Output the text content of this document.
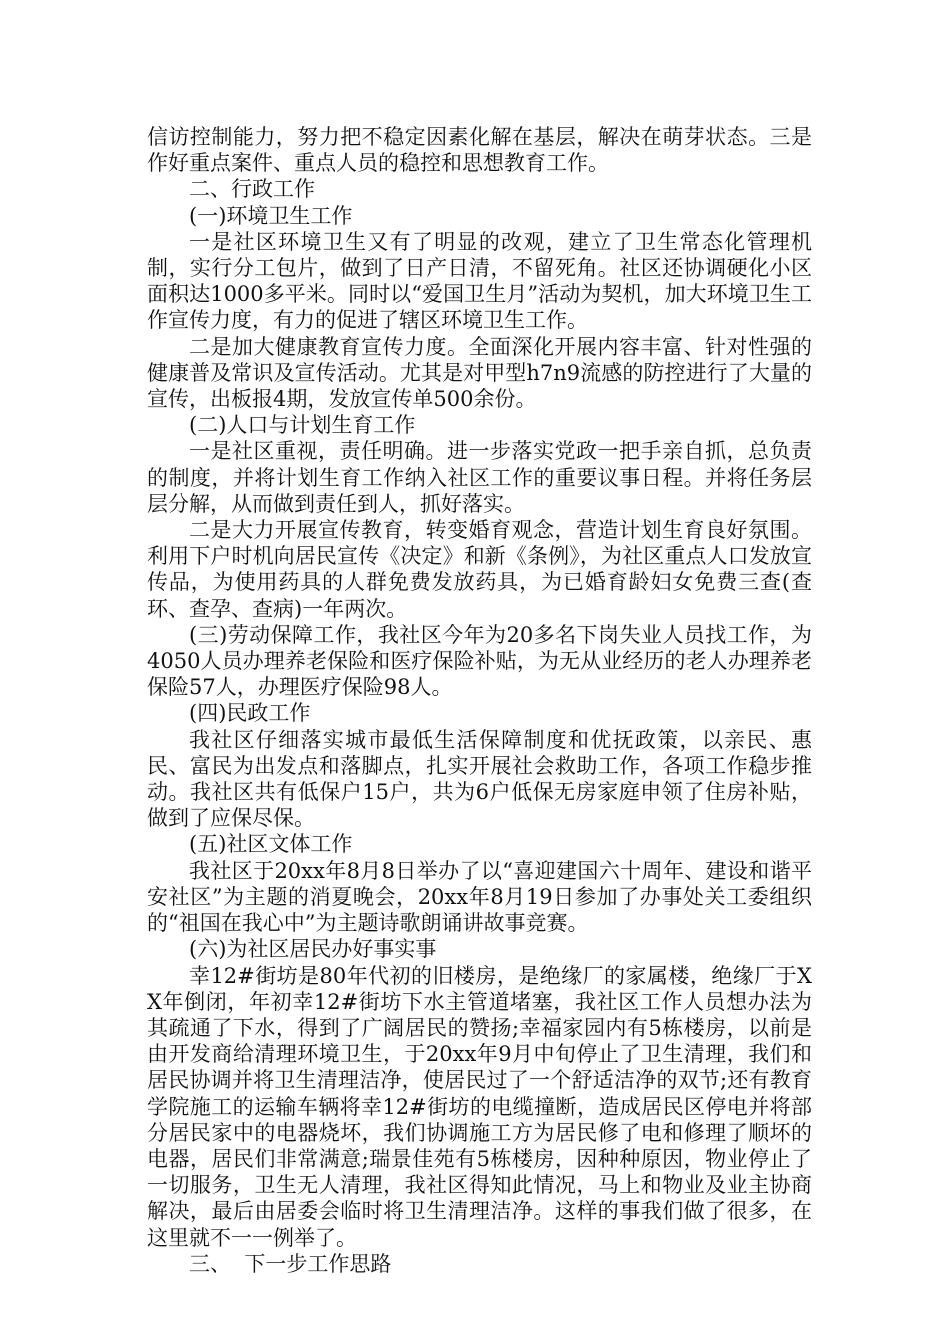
信访控制能力，努力把不稳定因素化解在基层，解决在萌芽状态。三是作好重点案件、重点人员的稳控和思想教育工作。

二、行政工作

(一)环境卫生工作

一是社区环境卫生又有了明显的改观，建立了卫生常态化管理机制，实行分工包片，做到了日产日清，不留死角。社区还协调硬化小区面积达1000多平米。同时以“爱国卫生月”活动为契机，加大环境卫生工作宣传力度，有力的促进了辖区环境卫生工作。

二是加大健康教育宣传力度。全面深化开展内容丰富、针对性强的健康普及常识及宣传活动。尤其是对甲型h7n9流感的防控进行了大量的宣传，出板报4期，发放宣传单500余份。

(二)人口与计划生育工作

一是社区重视，责任明确。进一步落实党政一把手亲自抓，总负责的制度，并将计划生育工作纳入社区工作的重要议事日程。并将任务层层分解，从而做到责任到人，抓好落实。

二是大力开展宣传教育，转变婚育观念，营造计划生育良好氛围。利用下户时机向居民宣传《决定》和新《条例》，为社区重点人口发放宣传品，为使用药具的人群免费发放药具，为已婚育龄妇女免费三查(查环、查孕、查病)一年两次。

(三)劳动保障工作，我社区今年为20多名下岗失业人员找工作，为4050人员办理养老保险和医疗保险补贴，为无从业经历的老人办理养老保险57人，办理医疗保险98人。

(四)民政工作

我社区仔细落实城市最低生活保障制度和优抚政策，以亲民、惠民、富民为出发点和落脚点，扎实开展社会救助工作，各项工作稳步推动。我社区共有低保户15户，共为6户低保无房家庭申领了住房补贴，做到了应保尽保。

(五)社区文体工作

我社区于20xx年8月8日举办了以“喜迎建国六十周年、建设和谐平安社区”为主题的消夏晚会，20xx年8月19日参加了办事处关工委组织的“祖国在我心中”为主题诗歌朗诵讲故事竞赛。

(六)为社区居民办好事实事

幸12#街坊是80年代初的旧楼房，是绝缘厂的家属楼，绝缘厂于XX年倒闭，年初幸12#街坊下水主管道堵塞，我社区工作人员想办法为其疏通了下水，得到了广阔居民的赞扬;幸福家园内有5栋楼房，以前是由开发商给清理环境卫生，于20xx年9月中旬停止了卫生清理，我们和居民协调并将卫生清理洁净，使居民过了一个舒适洁净的双节;还有教育学院施工的运输车辆将幸12#街坊的电缆撞断，造成居民区停电并将部分居民家中的电器烧坏，我们协调施工方为居民修了电和修理了顺坏的电器，居民们非常满意;瑞景佳苑有5栋楼房，因种种原因，物业停止了一切服务，卫生无人清理，我社区得知此情况，马上和物业及业主协商解决，最后由居委会临时将卫生清理洁净。这样的事我们做了很多，在这里就不一一例举了。

三、  下一步工作思路
